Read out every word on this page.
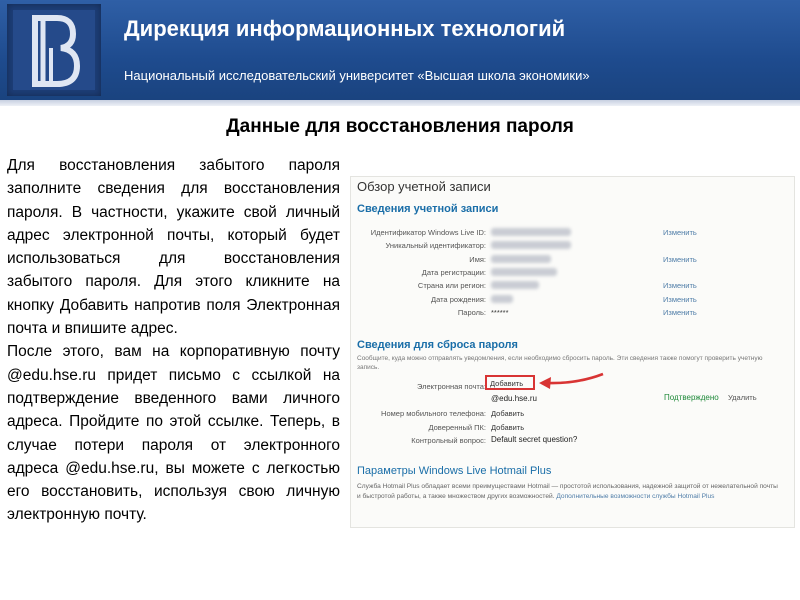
Дирекция информационных технологий
Национальный исследовательский университет «Высшая школа экономики»
Данные для восстановления пароля
Для восстановления забытого пароля заполните сведения для восстановления пароля. В частности, укажите свой личный адрес электронной почты, который будет использоваться для восстановления забытого пароля. Для этого кликните на кнопку Добавить напротив поля Электронная почта и впишите адрес.
После этого, вам на корпоративную почту @edu.hse.ru придет письмо с ссылкой на подтверждение введенного вами личного адреса. Пройдите по этой ссылке. Теперь, в случае потери пароля от электронного адреса @edu.hse.ru, вы можете с легкостью его восстановить, используя свою личную электронную почту.
Обзор учетной записи
Сведения учетной записи
Идентификатор Windows Live ID:	Изменить
Уникальный идентификатор:
Имя:	Изменить
Дата регистрации:
Страна или регион:	Изменить
Дата рождения:	Изменить
Пароль: ******	Изменить
Сведения для сброса пароля
Сообщите, куда можно отправлять уведомления, если необходимо сбросить пароль. Эти сведения также помогут проверить учетную запись.
Электронная почта: Добавить
@edu.hse.ru	Подтверждено Удалить
Номер мобильного телефона: Добавить
Доверенный ПК: Добавить
Контрольный вопрос: Default secret question?
Параметры Windows Live Hotmail Plus
Служба Hotmail Plus обладает всеми преимуществами Hotmail — простотой использования, надежной защитой от нежелательной почты и быстротой работы, а также множеством других возможностей. Дополнительные возможности службы Hotmail Plus
